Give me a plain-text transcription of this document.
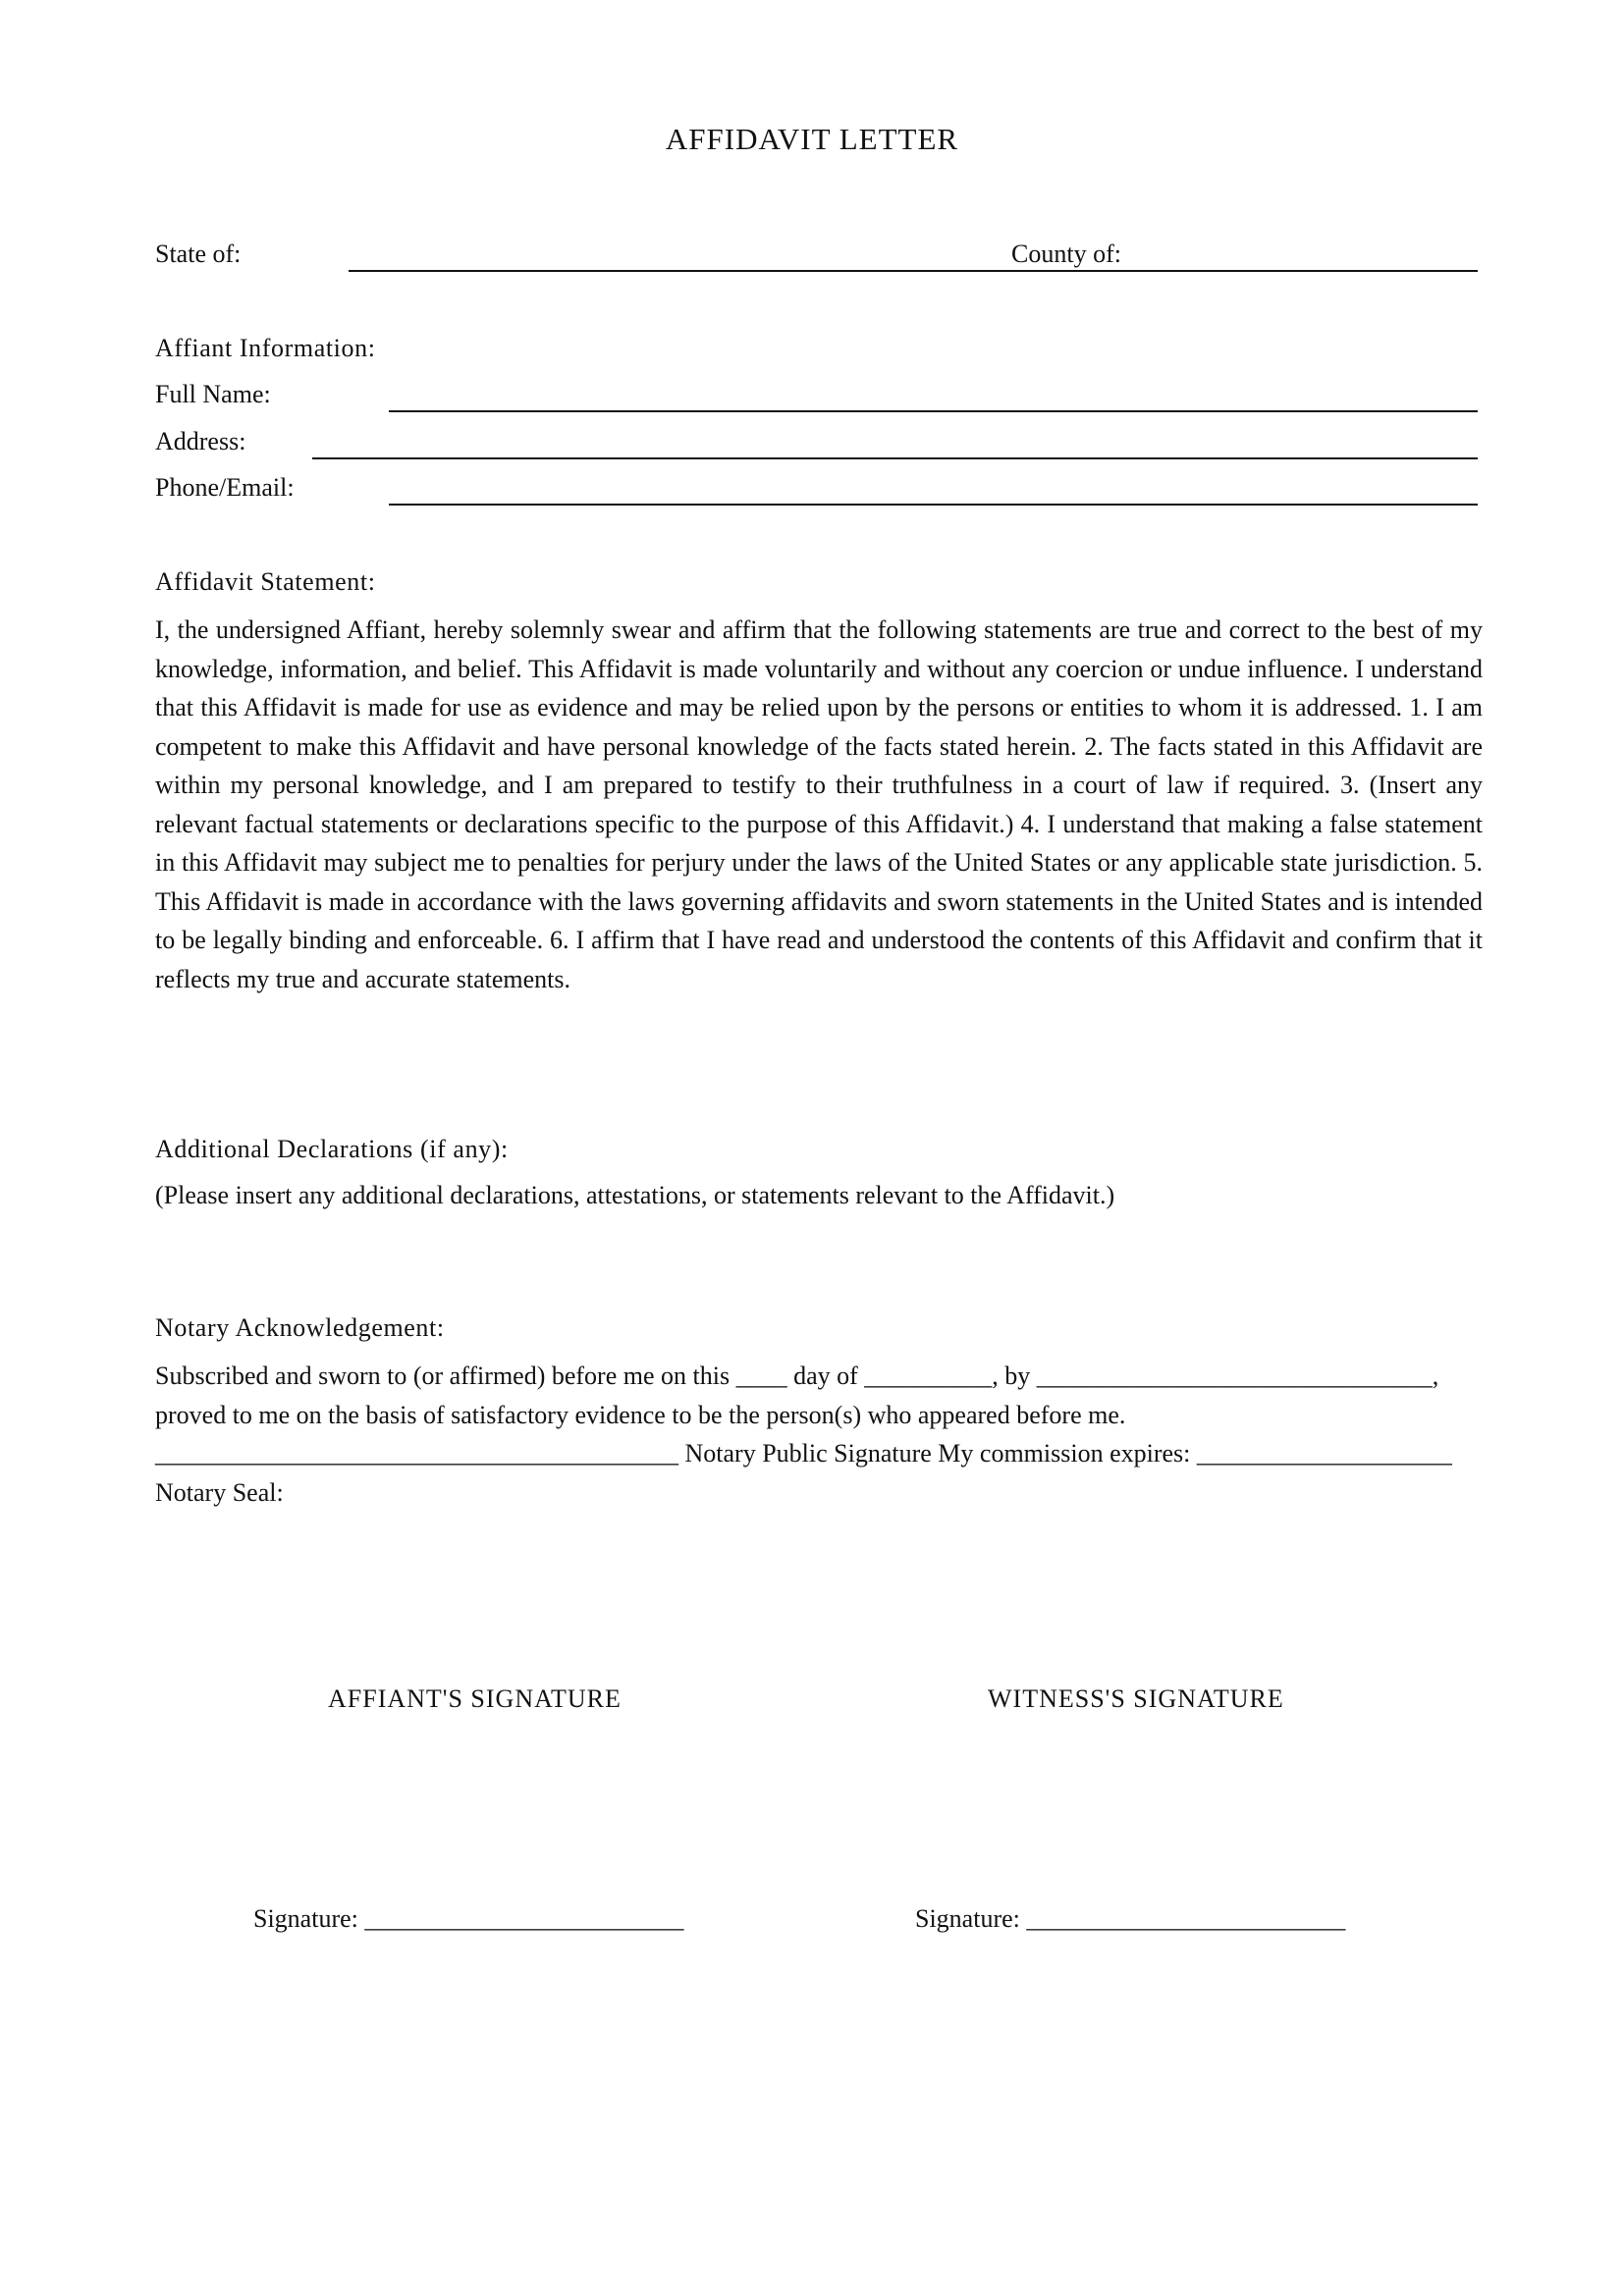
AFFIDAVIT LETTER
State of:	County of:
Affiant Information:
Full Name:
Address:
Phone/Email:
Affidavit Statement:
I, the undersigned Affiant, hereby solemnly swear and affirm that the following statements are true and correct to the best of my knowledge, information, and belief. This Affidavit is made voluntarily and without any coercion or undue influence. I understand that this Affidavit is made for use as evidence and may be relied upon by the persons or entities to whom it is addressed. 1. I am competent to make this Affidavit and have personal knowledge of the facts stated herein. 2. The facts stated in this Affidavit are within my personal knowledge, and I am prepared to testify to their truthfulness in a court of law if required. 3. (Insert any relevant factual statements or declarations specific to the purpose of this Affidavit.) 4. I understand that making a false statement in this Affidavit may subject me to penalties for perjury under the laws of the United States or any applicable state jurisdiction. 5. This Affidavit is made in accordance with the laws governing affidavits and sworn statements in the United States and is intended to be legally binding and enforceable. 6. I affirm that I have read and understood the contents of this Affidavit and confirm that it reflects my true and accurate statements.
Additional Declarations (if any):
(Please insert any additional declarations, attestations, or statements relevant to the Affidavit.)
Notary Acknowledgement:
Subscribed and sworn to (or affirmed) before me on this ____ day of __________, by _______________________________, proved to me on the basis of satisfactory evidence to be the person(s) who appeared before me. _________________________________________ Notary Public Signature My commission expires: ____________________ Notary Seal:
AFFIANT'S SIGNATURE	WITNESS'S SIGNATURE
Signature: _________________________	Signature: _________________________
